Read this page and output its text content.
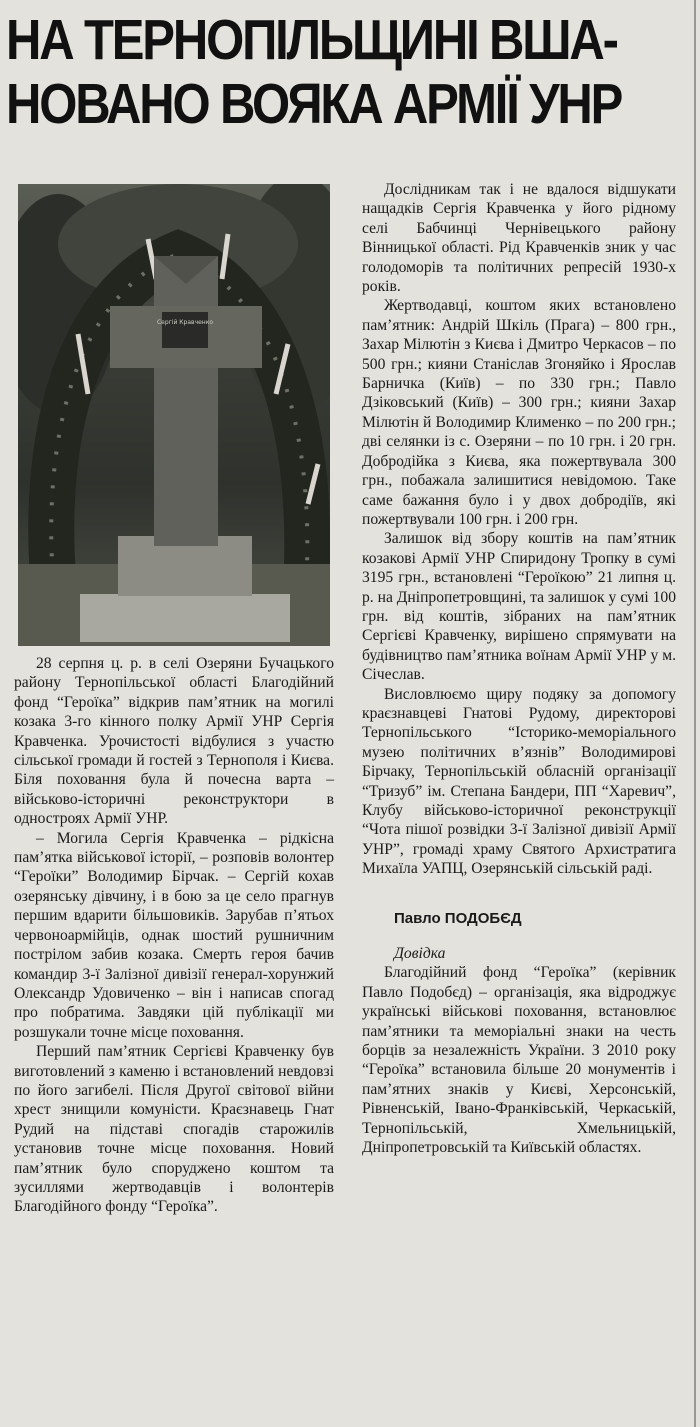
НА ТЕРНОПІЛЬЩИНІ ВША-
НОВАНО ВОЯКА АРМІЇ УНР
Сергій Кравченко

28 серпня ц. р. в селі Озеряни Бучацького району Тернопільської області Благодійний фонд “Героїка” відкрив пам’ятник на могилі козака 3-го кінного полку Армії УНР Сергія Кравченка. Урочистості відбулися з участю сільської громади й гостей з Тернополя і Києва. Біля поховання була й почесна варта – військово-історичні реконструктори в одностроях Армії УНР.

– Могила Сергія Кравченка – рідкісна пам’ятка військової історії, – розповів волонтер “Героїки” Володимир Бірчак. – Сергій кохав озерянську дівчину, і в бою за це село прагнув першим вдарити більшовиків. Зарубав п’ятьох червоноармійців, однак шостий рушничним пострілом забив козака. Смерть героя бачив командир 3-ї Залізної дивізії генерал-хорунжий Олександр Удовиченко – він і написав спогад про побратима. Завдяки цій публікації ми розшукали точне місце поховання.

Перший пам’ятник Сергієві Кравченку був виготовлений з каменю і встановлений невдовзі по його загибелі. Після Другої світової війни хрест знищили комуністи. Краєзнавець Гнат Рудий на підставі спогадів старожилів установив точне місце поховання. Новий пам’ятник було споруджено коштом та зусиллями жертводавців і волонтерів Благодійного фонду “Героїка”.

Дослідникам так і не вдалося відшукати нащадків Сергія Кравченка у його рідному селі Бабчинці Чернівецького району Вінницької області. Рід Кравченків зник у час голодоморів та політичних репресій 1930-х років.

Жертводавці, коштом яких встановлено пам’ятник: Андрій Шкіль (Прага) – 800 грн., Захар Мілютін з Києва і Дмитро Черкасов – по 500 грн.; кияни Станіслав Згоняйко і Ярослав Барничка (Київ) – по 330 грн.; Павло Дзіковський (Київ) – 300 грн.; кияни Захар Мілютін й Володимир Клименко – по 200 грн.; дві селянки із с. Озеряни – по 10 грн. і 20 грн. Добродійка з Києва, яка пожертвувала 300 грн., побажала залишитися невідомою. Таке саме бажання було і у двох добродіїв, які пожертвували 100 грн. і 200 грн.

Залишок від збору коштів на пам’ятник козакові Армії УНР Спиридону Тропку в сумі 3195 грн., встановлені “Героїкою” 21 липня ц. р. на Дніпропетровщині, та залишок у сумі 100 грн. від коштів, зібраних на пам’ятник Сергієві Кравченку, вирішено спрямувати на будівництво пам’ятника воїнам Армії УНР у м. Січеслав.

Висловлюємо щиру подяку за допомогу краєзнавцеві Гнатові Рудому, директорові Тернопільського “Історико-меморіального музею політичних в’язнів” Володимирові Бірчаку, Тернопільській обласній організації “Тризуб” ім. Степана Бандери, ПП “Харевич”, Клубу військово-історичної реконструкції “Чота пішої розвідки 3-ї Залізної дивізії Армії УНР”, громаді храму Святого Архистратига Михаїла УАПЦ, Озерянській сільській раді.

Павло ПОДОБЄД

Довідка

Благодійний фонд “Героїка” (керівник Павло Подобєд) – організація, яка відроджує українські військові поховання, встановлює пам’ятники та меморіальні знаки на честь борців за незалежність України. З 2010 року “Героїка” встановила більше 20 монументів і пам’ятних знаків у Києві, Херсонській, Рівненській, Івано-Франківській, Черкаській, Тернопільській, Хмельницькій, Дніпропетровській та Київській областях.
